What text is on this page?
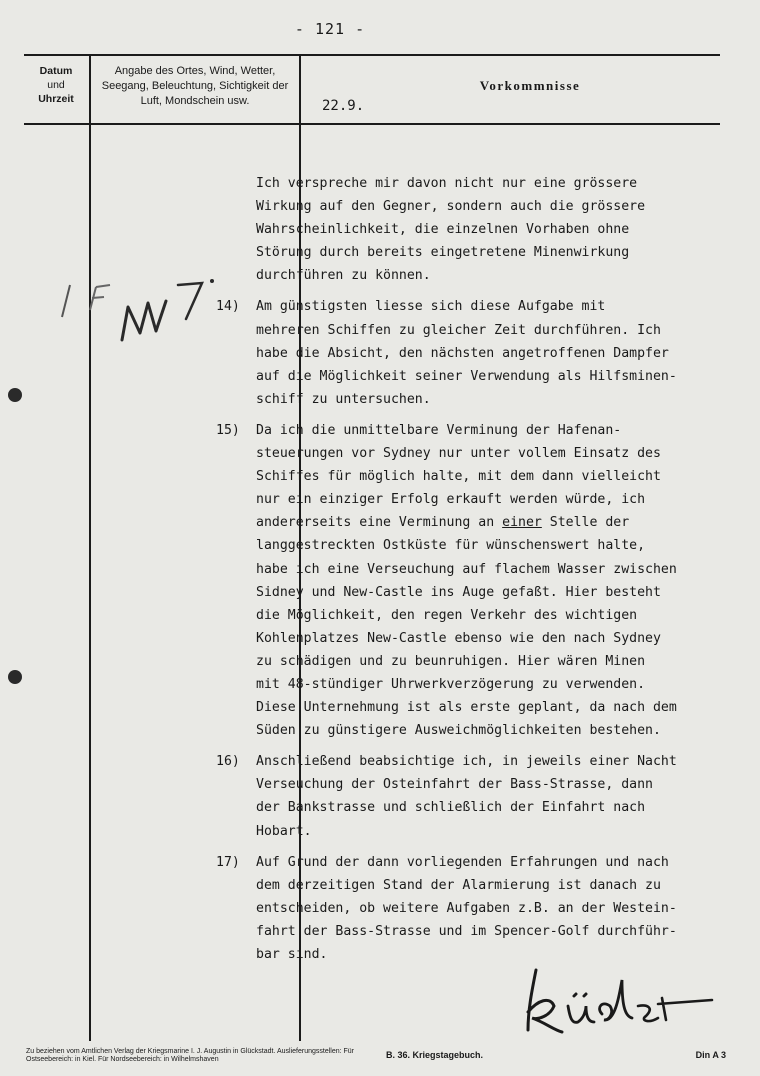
- 121 -
Datum
und
Uhrzeit
Angabe des Ortes, Wind, Wetter, Seegang, Beleuchtung, Sichtigkeit der Luft, Mondschein usw.
Vorkommnisse
22.9.
Ich verspreche mir davon nicht nur eine grössere
Wirkung auf den Gegner, sondern auch die grössere
Wahrscheinlichkeit, die einzelnen Vorhaben ohne
Störung durch bereits eingetretene Minenwirkung
durchführen zu können.
14) Am günstigsten liesse sich diese Aufgabe mit
mehreren Schiffen zu gleicher Zeit durchführen. Ich
habe die Absicht, den nächsten angetroffenen Dampfer
auf die Möglichkeit seiner Verwendung als Hilfsminen-
schiff zu untersuchen.
15) Da ich die unmittelbare Verminung der Hafenan-
steuerungen vor Sydney nur unter vollem Einsatz des
Schiffes für möglich halte, mit dem dann vielleicht
nur ein einziger Erfolg erkauft werden würde, ich
andererseits eine Verminung an einer Stelle der
langgestreckten Ostküste für wünschenswert halte,
habe ich eine Verseuchung auf flachem Wasser zwischen
Sidney und New-Castle ins Auge gefaßt. Hier besteht
die Möglichkeit, den regen Verkehr des wichtigen
Kohlenplatzes New-Castle ebenso wie den nach Sydney
zu schädigen und zu beunruhigen. Hier wären Minen
mit 48-stündiger Uhrwerkverzögerung zu verwenden.
Diese Unternehmung ist als erste geplant, da nach dem
Süden zu günstigere Ausweichmöglichkeiten bestehen.
16) Anschließend beabsichtige ich, in jeweils einer Nacht
Verseuchung der Osteinfahrt der Bass-Strasse, dann
der Bankstrasse und schließlich der Einfahrt nach
Hobart.
17) Auf Grund der dann vorliegenden Erfahrungen und nach
dem derzeitigen Stand der Alarmierung ist danach zu
entscheiden, ob weitere Aufgaben z.B. an der Westein-
fahrt der Bass-Strasse und im Spencer-Golf durchführ-
bar sind.
Zu beziehen vom Amtlichen Verlag der Kriegsmarine I. J. Augustin in Glückstadt. Auslieferungsstellen: Für Ostseebereich: in Kiel. Für Nordseebereich: in Wilhelmshaven	B. 36. Kriegstagebuch.	Din A 3
